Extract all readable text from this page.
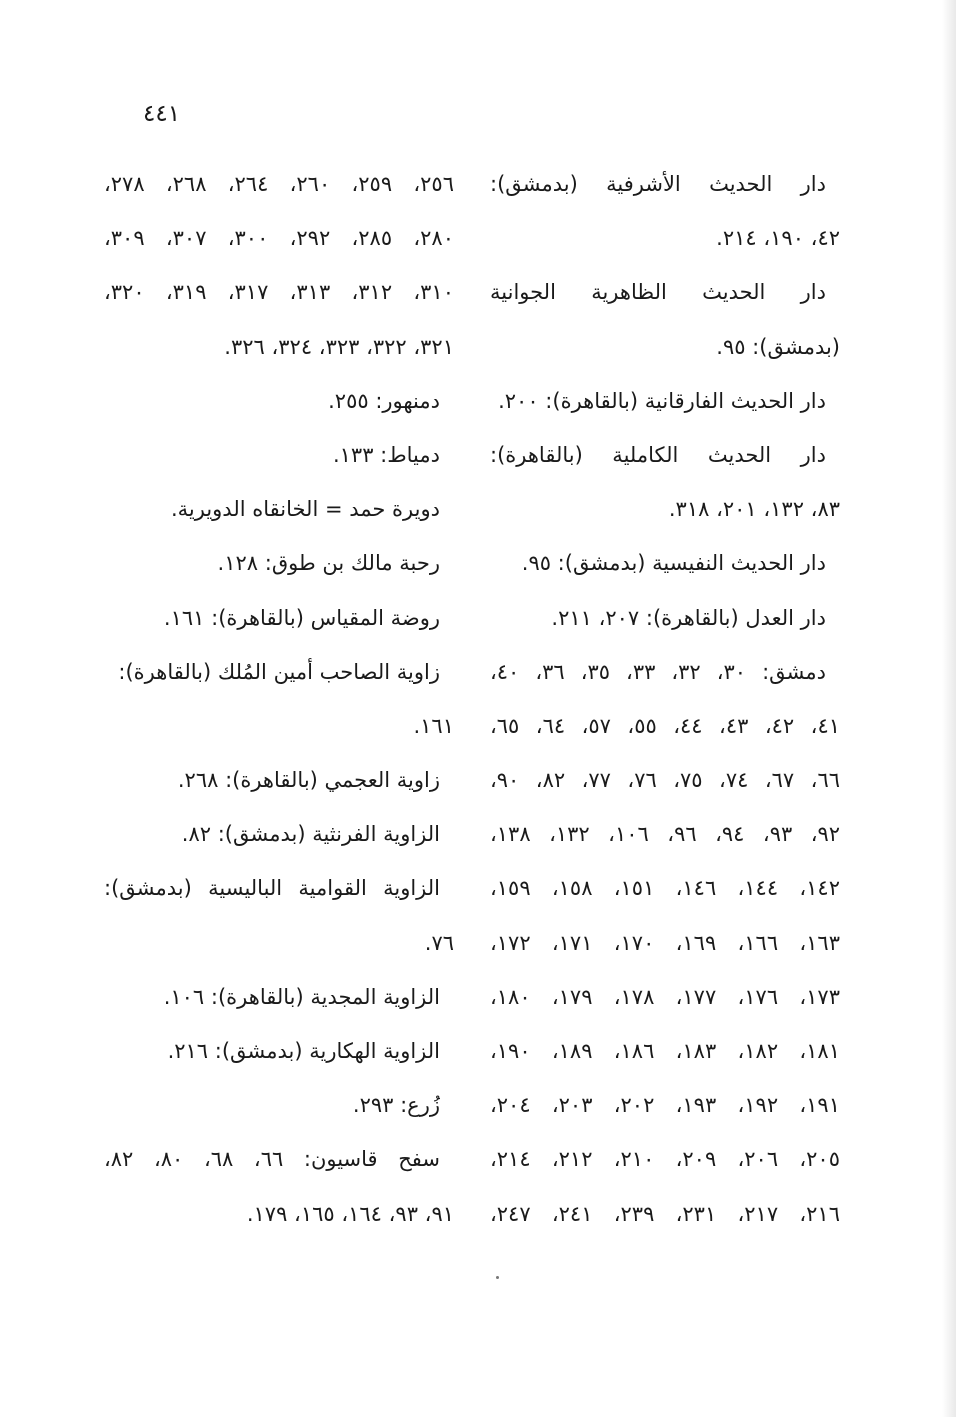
٤٤١
دار الحديث الأشرفية (بدمشق):
٤٢، ١٩٠، ٢١٤.
دار الحديث الظاهرية الجوانية
(بدمشق): ٩٥.
دار الحديث الفارقانية (بالقاهرة): ٢٠٠.
دار الحديث الكاملية (بالقاهرة):
٨٣، ١٣٢، ٢٠١، ٣١٨.
دار الحديث النفيسية (بدمشق): ٩٥.
دار العدل (بالقاهرة): ٢٠٧، ٢١١.
دمشق: ٣٠، ٣٢، ٣٣، ٣٥، ٣٦، ٤٠،
٤١، ٤٢، ٤٣، ٤٤، ٥٥، ٥٧، ٦٤، ٦٥،
٦٦، ٦٧، ٧٤، ٧٥، ٧٦، ٧٧، ٨٢، ٩٠،
٩٢، ٩٣، ٩٤، ٩٦، ١٠٦، ١٣٢، ١٣٨،
١٤٢، ١٤٤، ١٤٦، ١٥١، ١٥٨، ١٥٩،
١٦٣، ١٦٦، ١٦٩، ١٧٠، ١٧١، ١٧٢،
١٧٣، ١٧٦، ١٧٧، ١٧٨، ١٧٩، ١٨٠،
١٨١، ١٨٢، ١٨٣، ١٨٦، ١٨٩، ١٩٠،
١٩١، ١٩٢، ١٩٣، ٢٠٢، ٢٠٣، ٢٠٤،
٢٠٥، ٢٠٦، ٢٠٩، ٢١٠، ٢١٢، ٢١٤،
٢١٦، ٢١٧، ٢٣١، ٢٣٩، ٢٤١، ٢٤٧،
٢٥٦، ٢٥٩، ٢٦٠، ٢٦٤، ٢٦٨، ٢٧٨،
٢٨٠، ٢٨٥، ٢٩٢، ٣٠٠، ٣٠٧، ٣٠٩،
٣١٠، ٣١٢، ٣١٣، ٣١٧، ٣١٩، ٣٢٠،
٣٢١، ٣٢٢، ٣٢٣، ٣٢٤، ٣٢٦.
دمنهور: ٢٥٥.
دمياط: ١٣٣.
دويرة حمد = الخانقاه الدويرية.
رحبة مالك بن طوق: ١٢٨.
روضة المقياس (بالقاهرة): ١٦١.
زاوية الصاحب أمين المُلك (بالقاهرة):
١٦١.
زاوية العجمي (بالقاهرة): ٢٦٨.
الزاوية الفرنثية (بدمشق): ٨٢.
الزاوية القوامية الباليسية (بدمشق):
٧٦.
الزاوية المجدية (بالقاهرة): ١٠٦.
الزاوية الهكارية (بدمشق): ٢١٦.
زُرع: ٢٩٣.
سفح قاسيون: ٦٦، ٦٨، ٨٠، ٨٢،
٩١، ٩٣، ١٦٤، ١٦٥، ١٧٩.
